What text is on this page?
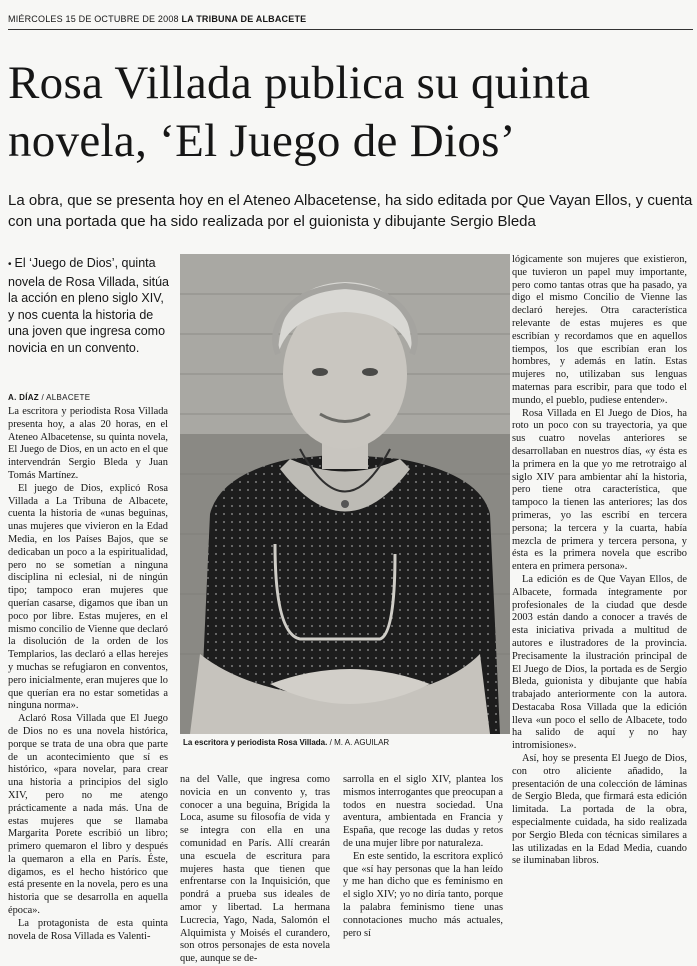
MIÉRCOLES 15 DE OCTUBRE DE 2008 LA TRIBUNA DE ALBACETE
Rosa Villada publica su quinta novela, ‘El Juego de Dios’

La obra, que se presenta hoy en el Ateneo Albacetense, ha sido editada por Que Vayan Ellos, y cuenta con una portada que ha sido realizada por el guionista y dibujante Sergio Bleda

• El ‘Juego de Dios’, quinta novela de Rosa Villada, sitúa la acción en pleno siglo XIV, y nos cuenta la historia de una joven que ingresa como novicia en un convento.
A. DÍAZ / ALBACETE

La escritora y periodista Rosa Villada presenta hoy, a alas 20 horas, en el Ateneo Albacetense, su quinta novela, El Juego de Dios, en un acto en el que intervendrán Sergio Bleda y Juan Tomás Martínez.

El juego de Dios, explicó Rosa Villada a La Tribuna de Albacete, cuenta la historia de «unas beguinas, unas mujeres que vivieron en la Edad Media, en los Países Bajos, que se dedicaban un poco a la espiritualidad, pero no se sometían a ninguna disciplina ni eclesial, ni de ningún tipo; tampoco eran mujeres que querían casarse, digamos que iban un poco por libre. Estas mujeres, en el mismo concilio de Vienne que declaró la disolución de la orden de los Templarios, las declaró a ellas herejes y muchas se refugiaron en conventos, pero inicialmente, eran mujeres que lo que querían era no estar sometidas a ninguna norma».

Aclaró Rosa Villada que El Juego de Dios no es una novela histórica, porque se trata de una obra que parte de un acontecimiento que sí es histórico, «para novelar, para crear una historia a principios del siglo XIV, pero no me atengo prácticamente a nada más. Una de estas mujeres que se llamaba Margarita Porete escribió un libro; primero quemaron el libro y después la quemaron a ella en París. Éste, digamos, es el hecho histórico que está presente en la novela, pero es una historia que se desarrolla en aquella época».

La protagonista de esta quinta novela de Rosa Villada es Valenti-

La escritora y periodista Rosa Villada. / M. A. AGUILAR

na del Valle, que ingresa como novicia en un convento y, tras conocer a una beguina, Brígida la Loca, asume su filosofía de vida y se integra con ella en una comunidad en París. Allí crearán una escuela de escritura para mujeres hasta que tienen que enfrentarse con la Inquisición, que pondrá a prueba sus ideales de amor y libertad. La hermana Lucrecia, Yago, Nada, Salomón el Alquimista y Moisés el curandero, son otros personajes de esta novela que, aunque se de-

sarrolla en el siglo XIV, plantea los mismos interrogantes que preocupan a todos en nuestra sociedad. Una aventura, ambientada en Francia y España, que recoge las dudas y retos de una mujer libre por naturaleza.

En este sentido, la escritora explicó que «sí hay personas que la han leído y me han dicho que es feminismo en el siglo XIV; yo no diría tanto, porque la palabra feminismo tiene unas connotaciones mucho más actuales, pero sí

lógicamente son mujeres que existieron, que tuvieron un papel muy importante, pero como tantas otras que ha pasado, ya digo el mismo Concilio de Vienne las declaró herejes. Otra característica relevante de estas mujeres es que escribían y recordamos que en aquellos tiempos, los que escribían eran los hombres, y además en latín. Estas mujeres no, utilizaban sus lenguas maternas para escribir, para que todo el mundo, el pueblo, pudiese entender».

Rosa Villada en El Juego de Dios, ha roto un poco con su trayectoria, ya que sus cuatro novelas anteriores se desarrollaban en nuestros días, «y ésta es la primera en la que yo me retrotraigo al siglo XIV para ambientar ahí la historia, pero tiene otra característica, que tampoco la tienen las anteriores; las dos primeras, yo las escribí en tercera persona; la tercera y la cuarta, había mezcla de primera y tercera persona, y ésta es la primera novela que escribo entera en primera persona».

La edición es de Que Vayan Ellos, de Albacete, formada íntegramente por profesionales de la ciudad que desde 2003 están dando a conocer a través de esta iniciativa privada a multitud de autores e ilustradores de la provincia. Precisamente la ilustración principal de El Juego de Dios, la portada es de Sergio Bleda, guionista y dibujante que había trabajado anteriormente con la autora. Destacaba Rosa Villada que la edición lleva «un poco el sello de Albacete, todo ha salido de aquí y no hay intromisiones».

Así, hoy se presenta El Juego de Dios, con otro aliciente añadido, la presentación de una colección de láminas de Sergio Bleda, que firmará esta edición limitada. La portada de la obra, especialmente cuidada, ha sido realizada por Sergio Bleda con técnicas similares a las utilizadas en la Edad Media, cuando se iluminaban libros.
